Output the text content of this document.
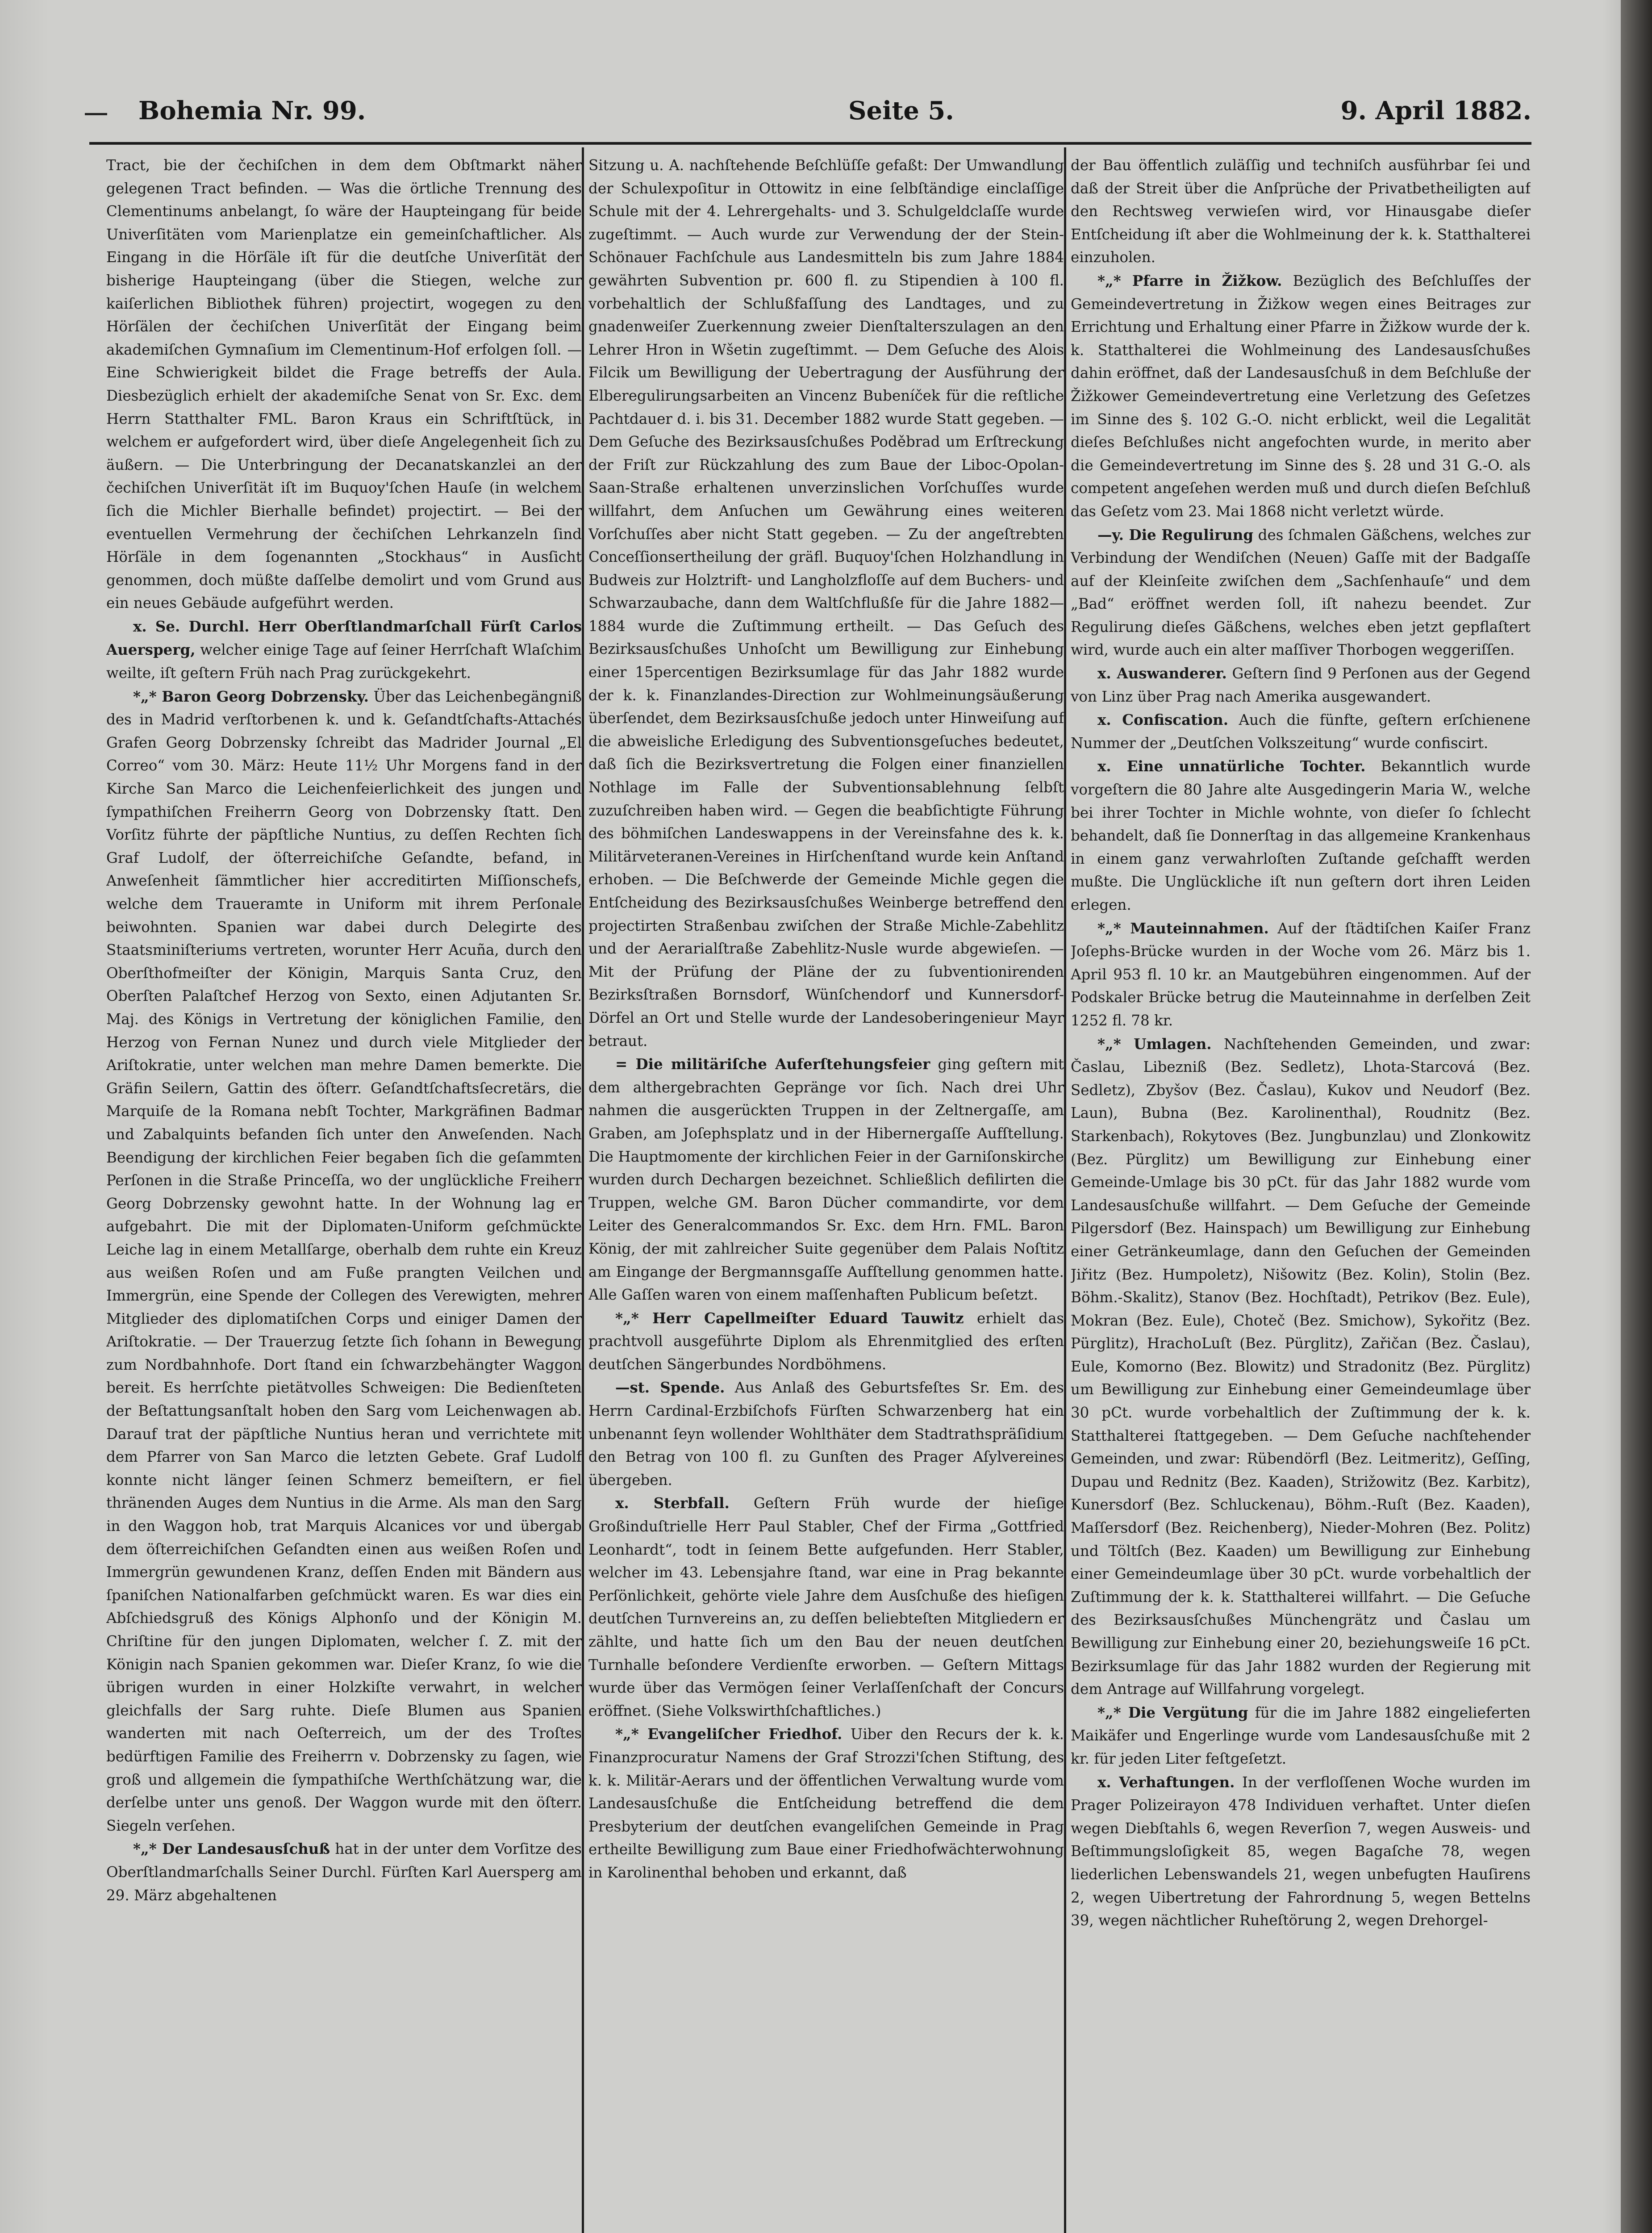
Bohemia Nr. 99.	Seite 5.	9. April 1882.

Tract, bie der čechiſchen in dem dem Obſtmarkt näher gelegenen Tract befinden. — Was die örtliche Trennung des Clementinums anbelangt, ſo wäre der Haupteingang für beide Univerſitäten vom Marienplatze ein gemeinſchaftlicher. Als Eingang in die Hörſäle iſt für die deutſche Univerſität der bisherige Haupteingang (über die Stiegen, welche zur kaiſerlichen Bibliothek führen) projectirt, wogegen zu den Hörſälen der čechiſchen Univerſität der Eingang beim akademiſchen Gymnaſium im Clementinum-Hof erfolgen ſoll. — Eine Schwierigkeit bildet die Frage betreffs der Aula. Diesbezüglich erhielt der akademiſche Senat von Sr. Exc. dem Herrn Statthalter FML. Baron Kraus ein Schriftſtück, in welchem er aufgefordert wird, über dieſe Angelegenheit ſich zu äußern. — Die Unterbringung der Decanatskanzlei an der čechiſchen Univerſität iſt im Buquoy'ſchen Hauſe (in welchem ſich die Michler Bierhalle befindet) projectirt. — Bei der eventuellen Vermehrung der čechiſchen Lehrkanzeln ſind Hörſäle in dem ſogenannten „Stockhaus“ in Ausſicht genommen, doch müßte daſſelbe demolirt und vom Grund aus ein neues Gebäude aufgeführt werden.

x. Se. Durchl. Herr Oberſtlandmarſchall Fürſt Carlos Auersperg, welcher einige Tage auf ſeiner Herrſchaft Wlaſchim weilte, iſt geſtern Früh nach Prag zurückgekehrt.

*„* Baron Georg Dobrzensky. Über das Leichenbegängniß des in Madrid verſtorbenen k. und k. Geſandtſchafts-Attachés Grafen Georg Dobrzensky ſchreibt das Madrider Journal „El Correo“ vom 30. März: Heute 11½ Uhr Morgens fand in der Kirche San Marco die Leichenfeierlichkeit des jungen und ſympathiſchen Freiherrn Georg von Dobrzensky ſtatt. Den Vorſitz führte der päpſtliche Nuntius, zu deſſen Rechten ſich Graf Ludolf, der öſterreichiſche Geſandte, befand, in Anweſenheit ſämmtlicher hier accreditirten Miſſionschefs, welche dem Traueramte in Uniform mit ihrem Perſonale beiwohnten. Spanien war dabei durch Delegirte des Staatsminiſteriums vertreten, worunter Herr Acuña, durch den Oberſthofmeiſter der Königin, Marquis Santa Cruz, den Oberſten Palaſtchef Herzog von Sexto, einen Adjutanten Sr. Maj. des Königs in Vertretung der königlichen Familie, den Herzog von Fernan Nunez und durch viele Mitglieder der Ariſtokratie, unter welchen man mehre Damen bemerkte. Die Gräfin Seilern, Gattin des öſterr. Geſandtſchaftsſecretärs, die Marquiſe de la Romana nebſt Tochter, Markgräfinen Badmar und Zabalquints befanden ſich unter den Anweſenden. Nach Beendigung der kirchlichen Feier begaben ſich die geſammten Perſonen in die Straße Princeſſa, wo der unglückliche Freiherr Georg Dobrzensky gewohnt hatte. In der Wohnung lag er aufgebahrt. Die mit der Diplomaten-Uniform geſchmückte Leiche lag in einem Metallſarge, oberhalb dem ruhte ein Kreuz aus weißen Roſen und am Fuße prangten Veilchen und Immergrün, eine Spende der Collegen des Verewigten, mehrer Mitglieder des diplomatiſchen Corps und einiger Damen der Ariſtokratie. — Der Trauerzug ſetzte ſich ſohann in Bewegung zum Nordbahnhofe. Dort ſtand ein ſchwarzbehängter Waggon bereit. Es herrſchte pietätvolles Schweigen: Die Bedienſteten der Beſtattungsanſtalt hoben den Sarg vom Leichenwagen ab. Darauf trat der päpſtliche Nuntius heran und verrichtete mit dem Pfarrer von San Marco die letzten Gebete. Graf Ludolf konnte nicht länger ſeinen Schmerz bemeiſtern, er fiel thränenden Auges dem Nuntius in die Arme. Als man den Sarg in den Waggon hob, trat Marquis Alcanices vor und übergab dem öſterreichiſchen Geſandten einen aus weißen Roſen und Immergrün gewundenen Kranz, deſſen Enden mit Bändern aus ſpaniſchen Nationalfarben geſchmückt waren. Es war dies ein Abſchiedsgruß des Königs Alphonſo und der Königin M. Chriſtine für den jungen Diplomaten, welcher ſ. Z. mit der Königin nach Spanien gekommen war. Dieſer Kranz, ſo wie die übrigen wurden in einer Holzkiſte verwahrt, in welcher gleichfalls der Sarg ruhte. Dieſe Blumen aus Spanien wanderten mit nach Oeſterreich, um der des Troſtes bedürftigen Familie des Freiherrn v. Dobrzensky zu ſagen, wie groß und allgemein die ſympathiſche Werthſchätzung war, die derſelbe unter uns genoß. Der Waggon wurde mit den öſterr. Siegeln verſehen.

*„* Der Landesausſchuß hat in der unter dem Vorſitze des Oberſtlandmarſchalls Seiner Durchl. Fürſten Karl Auersperg am 29. März abgehaltenen

Sitzung u. A. nachſtehende Beſchlüſſe gefaßt: Der Umwandlung der Schulexpoſitur in Ottowitz in eine ſelbſtändige einclaſſige Schule mit der 4. Lehrergehalts- und 3. Schulgeldclaſſe wurde zugeſtimmt. — Auch wurde zur Verwendung der der Stein-Schönauer Fachſchule aus Landesmitteln bis zum Jahre 1884 gewährten Subvention pr. 600 fl. zu Stipendien à 100 fl. vorbehaltlich der Schlußfaſſung des Landtages, und zu gnadenweiſer Zuerkennung zweier Dienſtalterszulagen an den Lehrer Hron in Wšetin zugeſtimmt. — Dem Geſuche des Alois Filcik um Bewilligung der Uebertragung der Ausführung der Elberegulirungsarbeiten an Vincenz Bubeníček für die reſtliche Pachtdauer d. i. bis 31. December 1882 wurde Statt gegeben. — Dem Geſuche des Bezirksausſchußes Poděbrad um Erſtreckung der Friſt zur Rückzahlung des zum Baue der Liboc-Opolan-Saan-Straße erhaltenen unverzinslichen Vorſchuſſes wurde willfahrt, dem Anſuchen um Gewährung eines weiteren Vorſchuſſes aber nicht Statt gegeben. — Zu der angeſtrebten Conceſſionsertheilung der gräfl. Buquoy'ſchen Holzhandlung in Budweis zur Holztrift- und Langholzfloſſe auf dem Buchers- und Schwarzaubache, dann dem Waltſchflußſe für die Jahre 1882—1884 wurde die Zuſtimmung ertheilt. — Das Geſuch des Bezirksausſchußes Unhoſcht um Bewilligung zur Einhebung einer 15percentigen Bezirksumlage für das Jahr 1882 wurde der k. k. Finanzlandes-Direction zur Wohlmeinungsäußerung überſendet, dem Bezirksausſchuße jedoch unter Hinweiſung auf die abweisliche Erledigung des Subventionsgeſuches bedeutet, daß ſich die Bezirksvertretung die Folgen einer finanziellen Nothlage im Falle der Subventionsablehnung ſelbſt zuzuſchreiben haben wird. — Gegen die beabſichtigte Führung des böhmiſchen Landeswappens in der Vereinsfahne des k. k. Militärveteranen-Vereines in Hirſchenſtand wurde kein Anſtand erhoben. — Die Beſchwerde der Gemeinde Michle gegen die Entſcheidung des Bezirksausſchußes Weinberge betreffend den projectirten Straßenbau zwiſchen der Straße Michle-Zabehlitz und der Aerarialſtraße Zabehlitz-Nusle wurde abgewieſen. — Mit der Prüfung der Pläne der zu ſubventionirenden Bezirksſtraßen Bornsdorf, Wünſchendorf und Kunnersdorf-Dörfel an Ort und Stelle wurde der Landesoberingenieur Mayr betraut.

= Die militäriſche Auferſtehungsfeier ging geſtern mit dem althergebrachten Gepränge vor ſich. Nach drei Uhr nahmen die ausgerückten Truppen in der Zeltnergaſſe, am Graben, am Joſephsplatz und in der Hibernergaſſe Aufſtellung. Die Hauptmomente der kirchlichen Feier in der Garniſonskirche wurden durch Dechargen bezeichnet. Schließlich defilirten die Truppen, welche GM. Baron Dücher commandirte, vor dem Leiter des Generalcommandos Sr. Exc. dem Hrn. FML. Baron König, der mit zahlreicher Suite gegenüber dem Palais Noſtitz am Eingange der Bergmannsgaſſe Aufſtellung genommen hatte. Alle Gaſſen waren von einem maſſenhaften Publicum beſetzt.

*„* Herr Capellmeiſter Eduard Tauwitz erhielt das prachtvoll ausgeführte Diplom als Ehrenmitglied des erſten deutſchen Sängerbundes Nordböhmens.

—st. Spende. Aus Anlaß des Geburtsfeſtes Sr. Em. des Herrn Cardinal-Erzbiſchofs Fürſten Schwarzenberg hat ein unbenannt ſeyn wollender Wohlthäter dem Stadtrathspräſidium den Betrag von 100 fl. zu Gunſten des Prager Aſylvereines übergeben.

x. Sterbfall. Geſtern Früh wurde der hieſige Großinduſtrielle Herr Paul Stabler, Chef der Firma „Gottfried Leonhardt“, todt in ſeinem Bette aufgefunden. Herr Stabler, welcher im 43. Lebensjahre ſtand, war eine in Prag bekannte Perſönlichkeit, gehörte viele Jahre dem Ausſchuße des hieſigen deutſchen Turnvereins an, zu deſſen beliebteſten Mitgliedern er zählte, und hatte ſich um den Bau der neuen deutſchen Turnhalle beſondere Verdienſte erworben. — Geſtern Mittags wurde über das Vermögen ſeiner Verlaſſenſchaft der Concurs eröffnet. (Siehe Volkswirthſchaftliches.)

*„* Evangeliſcher Friedhof. Uiber den Recurs der k. k. Finanzprocuratur Namens der Graf Strozzi'ſchen Stiftung, des k. k. Militär-Aerars und der öffentlichen Verwaltung wurde vom Landesausſchuße die Entſcheidung betreffend die dem Presbyterium der deutſchen evangeliſchen Gemeinde in Prag ertheilte Bewilligung zum Baue einer Friedhofwächterwohnung in Karolinenthal behoben und erkannt, daß

der Bau öffentlich zuläſſig und techniſch ausführbar ſei und daß der Streit über die Anſprüche der Privatbetheiligten auf den Rechtsweg verwieſen wird, vor Hinausgabe dieſer Entſcheidung iſt aber die Wohlmeinung der k. k. Statthalterei einzuholen.

*„* Pfarre in Žižkow. Bezüglich des Beſchluſſes der Gemeindevertretung in Žižkow wegen eines Beitrages zur Errichtung und Erhaltung einer Pfarre in Žižkow wurde der k. k. Statthalterei die Wohlmeinung des Landesausſchußes dahin eröffnet, daß der Landesausſchuß in dem Beſchluße der Žižkower Gemeindevertretung eine Verletzung des Geſetzes im Sinne des §. 102 G.-O. nicht erblickt, weil die Legalität dieſes Beſchlußes nicht angefochten wurde, in merito aber die Gemeindevertretung im Sinne des §. 28 und 31 G.-O. als competent angeſehen werden muß und durch dieſen Beſchluß das Geſetz vom 23. Mai 1868 nicht verletzt würde.

—y. Die Regulirung des ſchmalen Gäßchens, welches zur Verbindung der Wendiſchen (Neuen) Gaſſe mit der Badgaſſe auf der Kleinſeite zwiſchen dem „Sachſenhauſe“ und dem „Bad“ eröffnet werden ſoll, iſt nahezu beendet. Zur Regulirung dieſes Gäßchens, welches eben jetzt gepflaſtert wird, wurde auch ein alter maſſiver Thorbogen weggeriſſen.

x. Auswanderer. Geſtern ſind 9 Perſonen aus der Gegend von Linz über Prag nach Amerika ausgewandert.

x. Confiscation. Auch die fünfte, geſtern erſchienene Nummer der „Deutſchen Volkszeitung“ wurde confiscirt.

x. Eine unnatürliche Tochter. Bekanntlich wurde vorgeſtern die 80 Jahre alte Ausgedingerin Maria W., welche bei ihrer Tochter in Michle wohnte, von dieſer ſo ſchlecht behandelt, daß ſie Donnerſtag in das allgemeine Krankenhaus in einem ganz verwahrloſten Zuſtande geſchafft werden mußte. Die Unglückliche iſt nun geſtern dort ihren Leiden erlegen.

*„* Mauteinnahmen. Auf der ſtädtiſchen Kaiſer Franz Joſephs-Brücke wurden in der Woche vom 26. März bis 1. April 953 fl. 10 kr. an Mautgebühren eingenommen. Auf der Podskaler Brücke betrug die Mauteinnahme in derſelben Zeit 1252 fl. 78 kr.

*„* Umlagen. Nachſtehenden Gemeinden, und zwar: Časlau, Libezniß (Bez. Sedletz), Lhota-Starcová (Bez. Sedletz), Zbyšov (Bez. Časlau), Kukov und Neudorf (Bez. Laun), Bubna (Bez. Karolinenthal), Roudnitz (Bez. Starkenbach), Rokytoves (Bez. Jungbunzlau) und Zlonkowitz (Bez. Pürglitz) um Bewilligung zur Einhebung einer Gemeinde-Umlage bis 30 pCt. für das Jahr 1882 wurde vom Landesausſchuße willfahrt. — Dem Geſuche der Gemeinde Pilgersdorf (Bez. Hainspach) um Bewilligung zur Einhebung einer Getränkeumlage, dann den Geſuchen der Gemeinden Jiřitz (Bez. Humpoletz), Nišowitz (Bez. Kolin), Stolin (Bez. Böhm.-Skalitz), Stanov (Bez. Hochſtadt), Petrikov (Bez. Eule), Mokran (Bez. Eule), Choteč (Bez. Smichow), Sykořitz (Bez. Pürglitz), HrachoLuſt (Bez. Pürglitz), Zařičan (Bez. Časlau), Eule, Komorno (Bez. Blowitz) und Stradonitz (Bez. Pürglitz) um Bewilligung zur Einhebung einer Gemeindeumlage über 30 pCt. wurde vorbehaltlich der Zuſtimmung der k. k. Statthalterei ſtattgegeben. — Dem Geſuche nachſtehender Gemeinden, und zwar: Rübendörfl (Bez. Leitmeritz), Geſſing, Dupau und Rednitz (Bez. Kaaden), Strižowitz (Bez. Karbitz), Kunersdorf (Bez. Schluckenau), Böhm.-Ruſt (Bez. Kaaden), Maſſersdorf (Bez. Reichenberg), Nieder-Mohren (Bez. Politz) und Töltſch (Bez. Kaaden) um Bewilligung zur Einhebung einer Gemeindeumlage über 30 pCt. wurde vorbehaltlich der Zuſtimmung der k. k. Statthalterei willfahrt. — Die Geſuche des Bezirksausſchußes Münchengrätz und Časlau um Bewilligung zur Einhebung einer 20, beziehungsweiſe 16 pCt. Bezirksumlage für das Jahr 1882 wurden der Regierung mit dem Antrage auf Willfahrung vorgelegt.

*„* Die Vergütung für die im Jahre 1882 eingelieferten Maikäfer und Engerlinge wurde vom Landesausſchuße mit 2 kr. für jeden Liter feſtgeſetzt.

x. Verhaftungen. In der verfloſſenen Woche wurden im Prager Polizeirayon 478 Individuen verhaftet. Unter dieſen wegen Diebſtahls 6, wegen Reverſion 7, wegen Ausweis- und Beſtimmungsloſigkeit 85, wegen Bagaſche 78, wegen liederlichen Lebenswandels 21, wegen unbefugten Hauſirens 2, wegen Uibertretung der Fahrordnung 5, wegen Bettelns 39, wegen nächtlicher Ruheſtörung 2, wegen Drehorgel-
